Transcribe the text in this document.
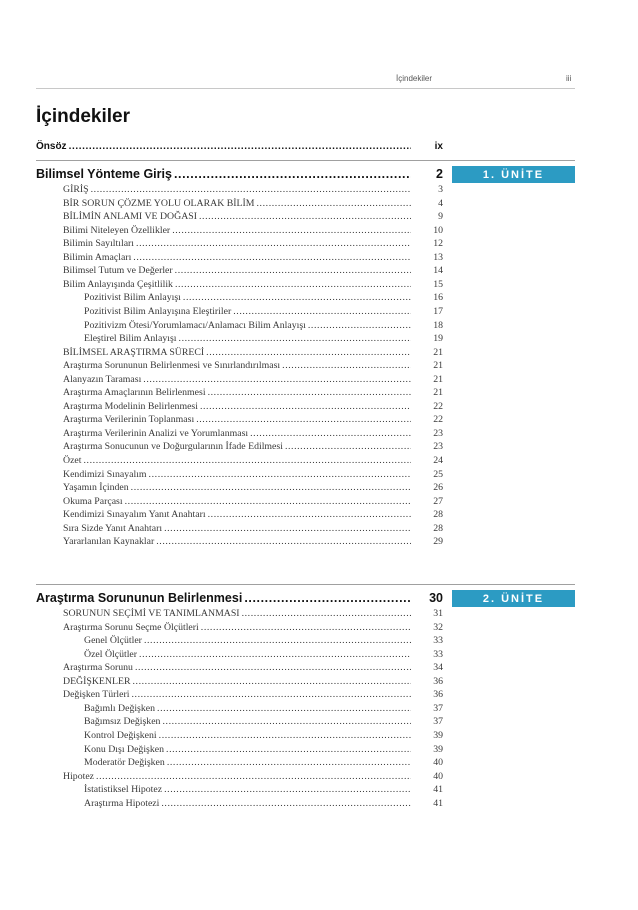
İçindekiler	iii
İçindekiler
Önsöz .....	ix
Bilimsel Yönteme Giriş .....	2	1. ÜNİTE
GİRİŞ .....	3
BİR SORUN ÇÖZME YOLU OLARAK BİLİM .....	4
BİLİMİN ANLAMI VE DOĞASI .....	9
Bilimi Niteleyen Özellikler .....	10
Bilimin Sayıltıları .....	12
Bilimin Amaçları .....	13
Bilimsel Tutum ve Değerler .....	14
Bilim Anlayışında Çeşitlilik .....	15
Pozitivist Bilim Anlayışı .....	16
Pozitivist Bilim Anlayışına Eleştiriler .....	17
Pozitivizm Ötesi/Yorumlamacı/Anlamacı Bilim Anlayışı .....	18
Eleştirel Bilim Anlayışı .....	19
BİLİMSEL ARAŞTIRMA SÜRECİ .....	21
Araştırma Sorununun Belirlenmesi ve Sınırlandırılması .....	21
Alanyazın Taraması .....	21
Araştırma Amaçlarının Belirlenmesi .....	21
Araştırma Modelinin Belirlenmesi .....	22
Araştırma Verilerinin Toplanması .....	22
Araştırma Verilerinin Analizi ve Yorumlanması .....	23
Araştırma Sonucunun ve Doğurgularının İfade Edilmesi .....	23
Özet .....	24
Kendimizi Sınayalım .....	25
Yaşamın İçinden .....	26
Okuma Parçası .....	27
Kendimizi Sınayalım Yanıt Anahtarı .....	28
Sıra Sizde Yanıt Anahtarı .....	28
Yararlanılan Kaynaklar .....	29
Araştırma Sorununun Belirlenmesi .....	30	2. ÜNİTE
SORUNUN SEÇİMİ VE TANIMLANMASI .....	31
Araştırma Sorunu Seçme Ölçütleri .....	32
Genel Ölçütler .....	33
Özel Ölçütler .....	33
Araştırma Sorunu .....	34
DEĞİŞKENLER .....	36
Değişken Türleri .....	36
Bağımlı Değişken .....	37
Bağımsız Değişken .....	37
Kontrol Değişkeni .....	39
Konu Dışı Değişken .....	39
Moderatör Değişken .....	40
Hipotez .....	40
İstatistiksel Hipotez .....	41
Araştırma Hipotezi .....	41
